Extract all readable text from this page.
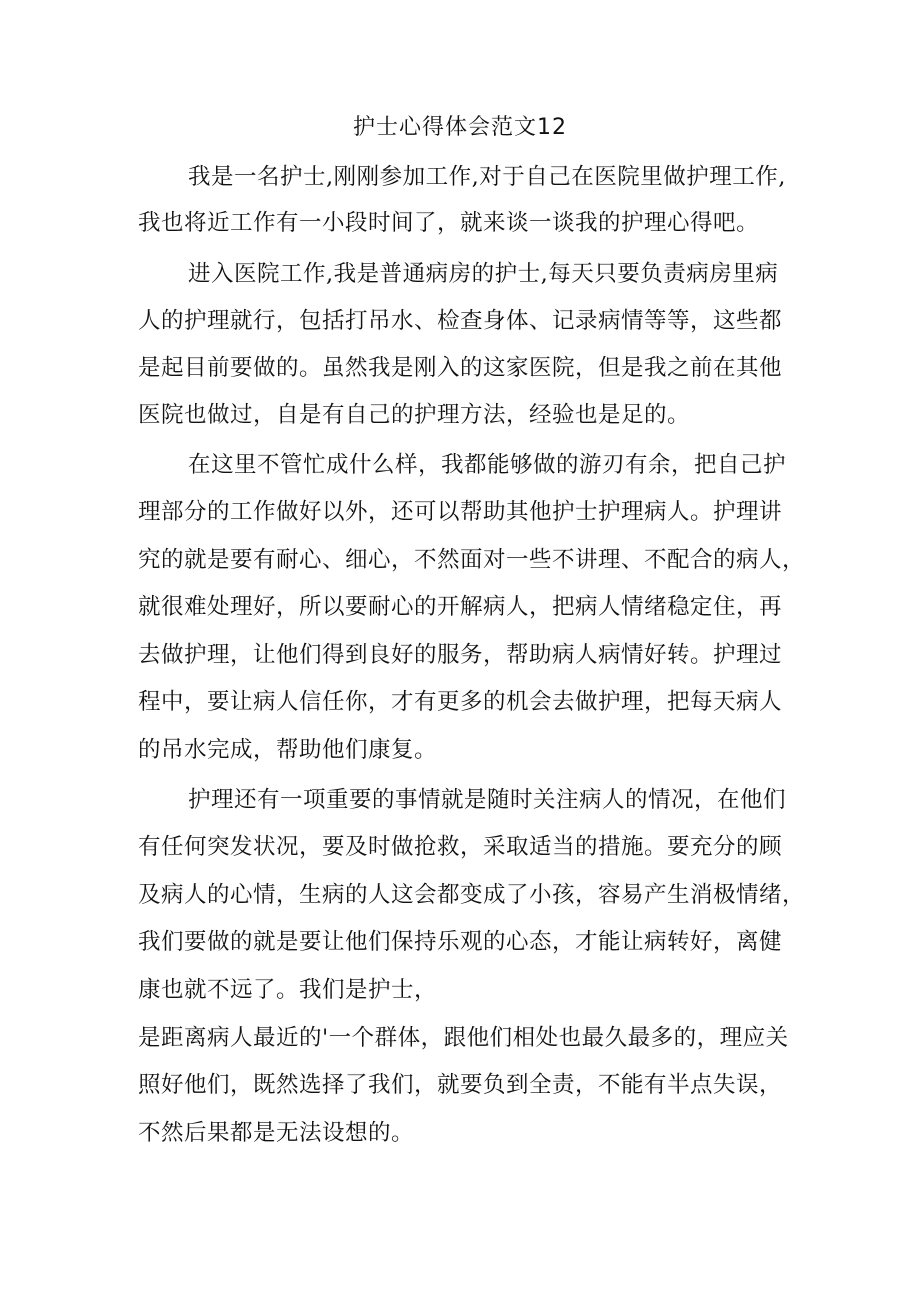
护士心得体会范文12
我是一名护士,刚刚参加工作,对于自己在医院里做护理工作,
我也将近工作有一小段时间了，就来谈一谈我的护理心得吧。
进入医院工作,我是普通病房的护士,每天只要负责病房里病
人的护理就行，包括打吊水、检查身体、记录病情等等，这些都
是起目前要做的。虽然我是刚入的这家医院，但是我之前在其他
医院也做过，自是有自己的护理方法，经验也是足的。
在这里不管忙成什么样，我都能够做的游刃有余，把自己护
理部分的工作做好以外，还可以帮助其他护士护理病人。护理讲
究的就是要有耐心、细心，不然面对一些不讲理、不配合的病人，
就很难处理好，所以要耐心的开解病人，把病人情绪稳定住，再
去做护理，让他们得到良好的服务，帮助病人病情好转。护理过
程中，要让病人信任你，才有更多的机会去做护理，把每天病人
的吊水完成，帮助他们康复。
护理还有一项重要的事情就是随时关注病人的情况，在他们
有任何突发状况，要及时做抢救，采取适当的措施。要充分的顾
及病人的心情，生病的人这会都变成了小孩，容易产生消极情绪，
我们要做的就是要让他们保持乐观的心态，才能让病转好，离健
康也就不远了。我们是护士，
是距离病人最近的'一个群体，跟他们相处也最久最多的，理应关
照好他们，既然选择了我们，就要负到全责，不能有半点失误，
不然后果都是无法设想的。
